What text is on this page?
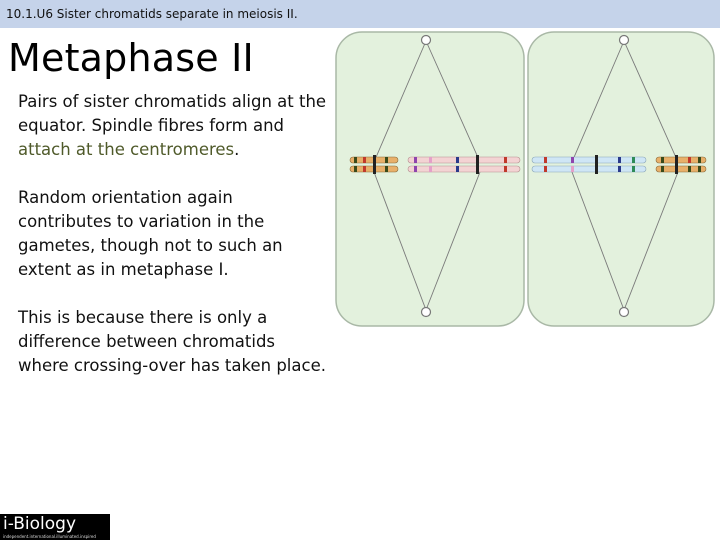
10.1.U6 Sister chromatids separate in meiosis II.
Metaphase II
Pairs of sister chromatids align at the equator. Spindle fibres form and attach at the centromeres.
Random orientation again contributes to variation in the gametes, though not to such an extent as in metaphase I.
This is because there is only a difference between chromatids where crossing-over has taken place.
i-Biology
independent.international.illuminated.inspired
